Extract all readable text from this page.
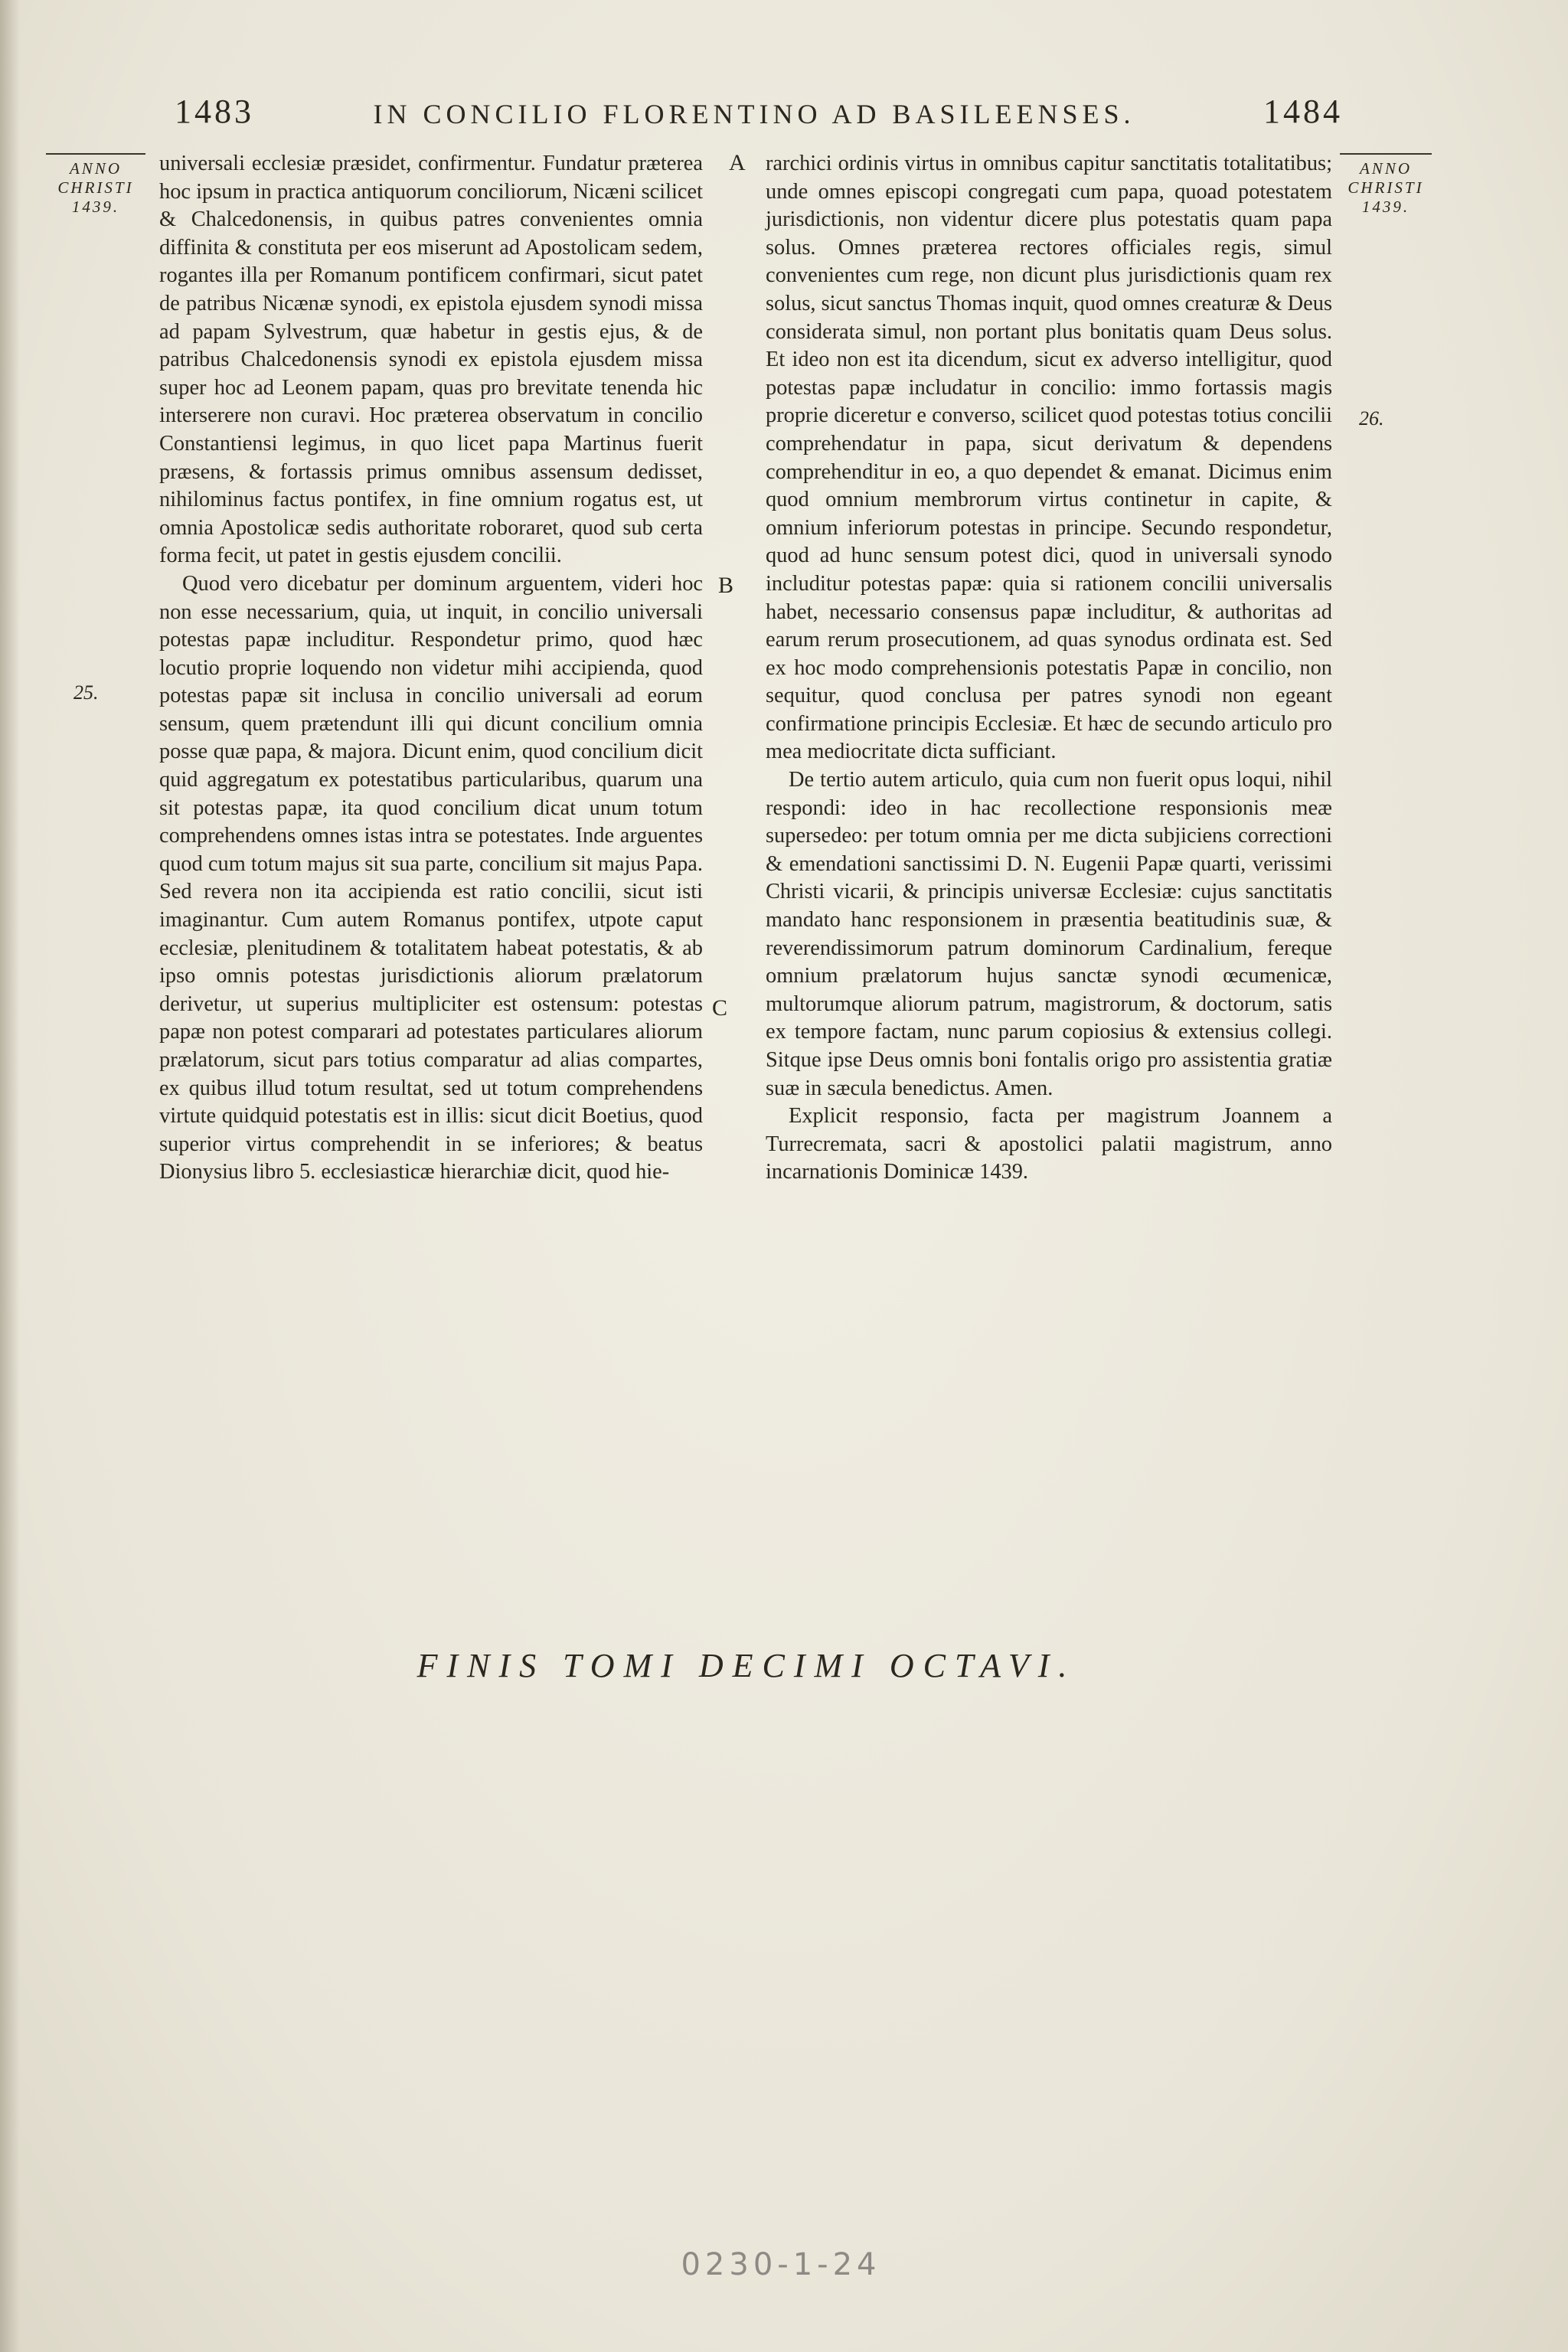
1483	IN CONCILIO FLORENTINO AD BASILEENSES.	1484
ANNO
CHRISTI
1439.
ANNO
CHRISTI
1439.
25.
26.
A
B
C

universali ecclesiæ præsidet, confirmentur. Fundatur præterea hoc ipsum in practica antiquorum conciliorum, Nicæni scilicet & Chalcedonensis, in quibus patres convenientes omnia diffinita & constituta per eos miserunt ad Apostolicam sedem, rogantes illa per Romanum pontificem confirmari, sicut patet de patribus Nicænæ synodi, ex epistola ejusdem synodi missa ad papam Sylvestrum, quæ habetur in gestis ejus, & de patribus Chalcedonensis synodi ex epistola ejusdem missa super hoc ad Leonem papam, quas pro brevitate tenenda hic interserere non curavi. Hoc præterea observatum in concilio Constantiensi legimus, in quo licet papa Martinus fuerit præsens, & fortassis primus omnibus assensum dedisset, nihilominus factus pontifex, in fine omnium rogatus est, ut omnia Apostolicæ sedis authoritate roboraret, quod sub certa forma fecit, ut patet in gestis ejusdem concilii.

Quod vero dicebatur per dominum arguentem, videri hoc non esse necessarium, quia, ut inquit, in concilio universali potestas papæ includitur. Respondetur primo, quod hæc locutio proprie loquendo non videtur mihi accipienda, quod potestas papæ sit inclusa in concilio universali ad eorum sensum, quem prætendunt illi qui dicunt concilium omnia posse quæ papa, & majora. Dicunt enim, quod concilium dicit quid aggregatum ex potestatibus particularibus, quarum una sit potestas papæ, ita quod concilium dicat unum totum comprehendens omnes istas intra se potestates. Inde arguentes quod cum totum majus sit sua parte, concilium sit majus Papa. Sed revera non ita accipienda est ratio concilii, sicut isti imaginantur. Cum autem Romanus pontifex, utpote caput ecclesiæ, plenitudinem & totalitatem habeat potestatis, & ab ipso omnis potestas jurisdictionis aliorum prælatorum derivetur, ut superius multipliciter est ostensum: potestas papæ non potest comparari ad potestates particulares aliorum prælatorum, sicut pars totius comparatur ad alias compartes, ex quibus illud totum resultat, sed ut totum comprehendens virtute quidquid potestatis est in illis: sicut dicit Boetius, quod superior virtus comprehendit in se inferiores; & beatus Dionysius libro 5. ecclesiasticæ hierarchiæ dicit, quod hie-

rarchici ordinis virtus in omnibus capitur sanctitatis totalitatibus; unde omnes episcopi congregati cum papa, quoad potestatem jurisdictionis, non videntur dicere plus potestatis quam papa solus. Omnes præterea rectores officiales regis, simul convenientes cum rege, non dicunt plus jurisdictionis quam rex solus, sicut sanctus Thomas inquit, quod omnes creaturæ & Deus considerata simul, non portant plus bonitatis quam Deus solus. Et ideo non est ita dicendum, sicut ex adverso intelligitur, quod potestas papæ includatur in concilio: immo fortassis magis proprie diceretur e converso, scilicet quod potestas totius concilii comprehendatur in papa, sicut derivatum & dependens comprehenditur in eo, a quo dependet & emanat. Dicimus enim quod omnium membrorum virtus continetur in capite, & omnium inferiorum potestas in principe. Secundo respondetur, quod ad hunc sensum potest dici, quod in universali synodo includitur potestas papæ: quia si rationem concilii universalis habet, necessario consensus papæ includitur, & authoritas ad earum rerum prosecutionem, ad quas synodus ordinata est. Sed ex hoc modo comprehensionis potestatis Papæ in concilio, non sequitur, quod conclusa per patres synodi non egeant confirmatione principis Ecclesiæ. Et hæc de secundo articulo pro mea mediocritate dicta sufficiant.

De tertio autem articulo, quia cum non fuerit opus loqui, nihil respondi: ideo in hac recollectione responsionis meæ supersedeo: per totum omnia per me dicta subjiciens correctioni & emendationi sanctissimi D. N. Eugenii Papæ quarti, verissimi Christi vicarii, & principis universæ Ecclesiæ: cujus sanctitatis mandato hanc responsionem in præsentia beatitudinis suæ, & reverendissimorum patrum dominorum Cardinalium, fereque omnium prælatorum hujus sanctæ synodi œcumenicæ, multorumque aliorum patrum, magistrorum, & doctorum, satis ex tempore factam, nunc parum copiosius & extensius collegi. Sitque ipse Deus omnis boni fontalis origo pro assistentia gratiæ suæ in sæcula benedictus. Amen.

Explicit responsio, facta per magistrum Joannem a Turrecremata, sacri & apostolici palatii magistrum, anno incarnationis Dominicæ 1439.

FINIS TOMI DECIMI OCTAVI.
0230-1-24
